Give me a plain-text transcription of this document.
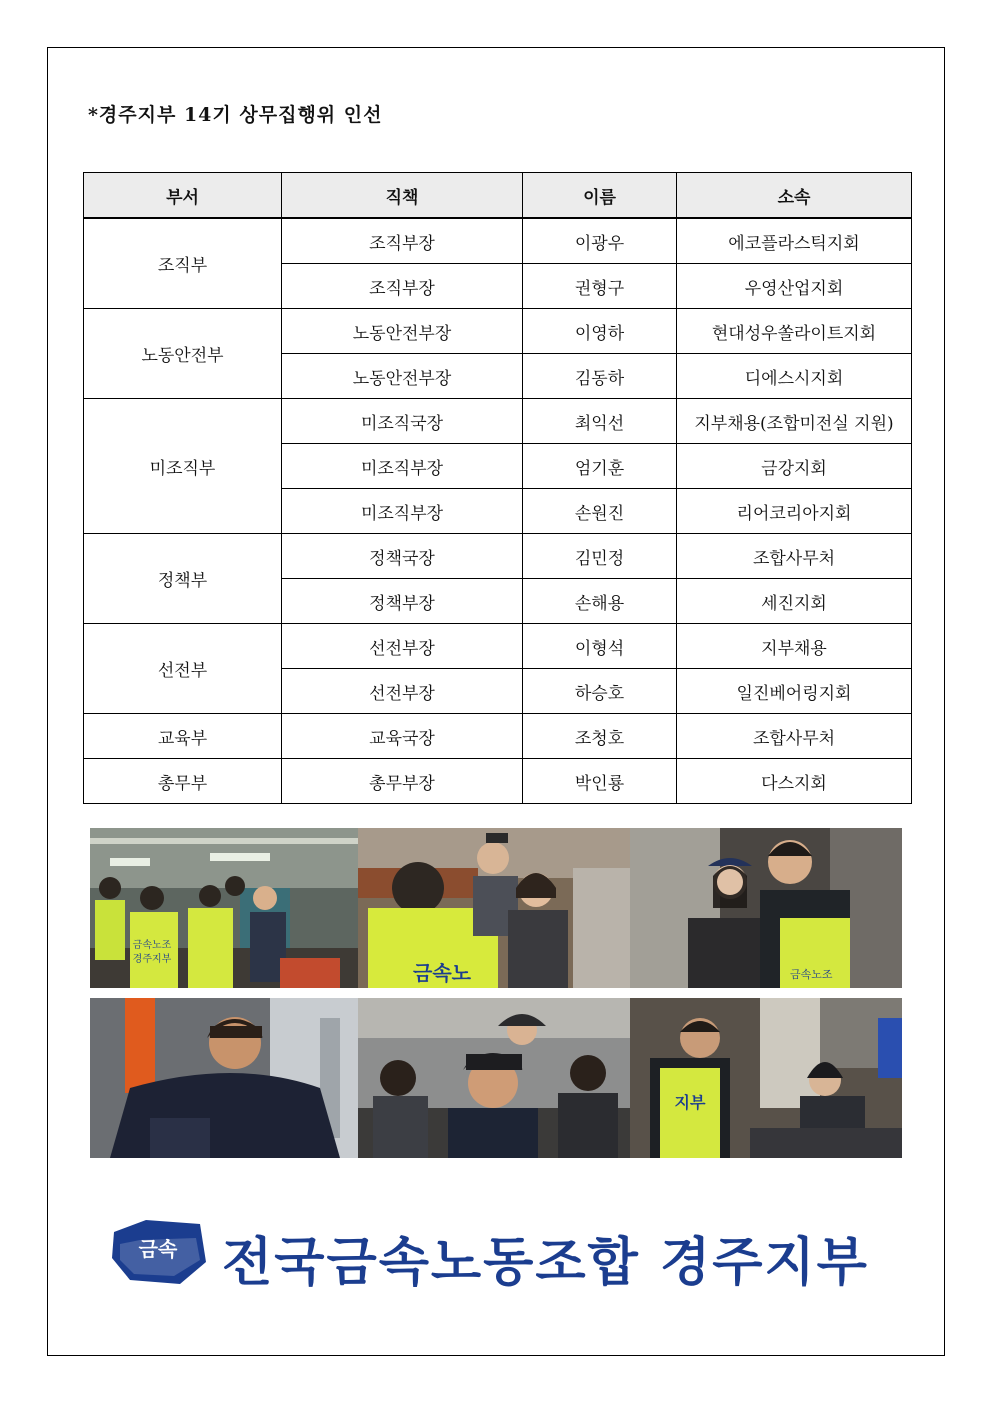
*경주지부 14기 상무집행위 인선
부서	직책	이름	소속
조직부	조직부장	이광우	에코플라스틱지회
	조직부장	권형구	우영산업지회
노동안전부	노동안전부장	이영하	현대성우쏠라이트지회
	노동안전부장	김동하	디에스시지회
미조직부	미조직국장	최익선	지부채용(조합미전실 지원)
	미조직부장	엄기훈	금강지회
	미조직부장	손원진	리어코리아지회
정책부	정책국장	김민정	조합사무처
	정책부장	손해용	세진지회
선전부	선전부장	이형석	지부채용
	선전부장	하승호	일진베어링지회
교육부	교육국장	조청호	조합사무처
총무부	총무부장	박인룡	다스지회
금속노조
경주지부
금속노	금속노조
지부
금속 전국금속노동조합 경주지부
